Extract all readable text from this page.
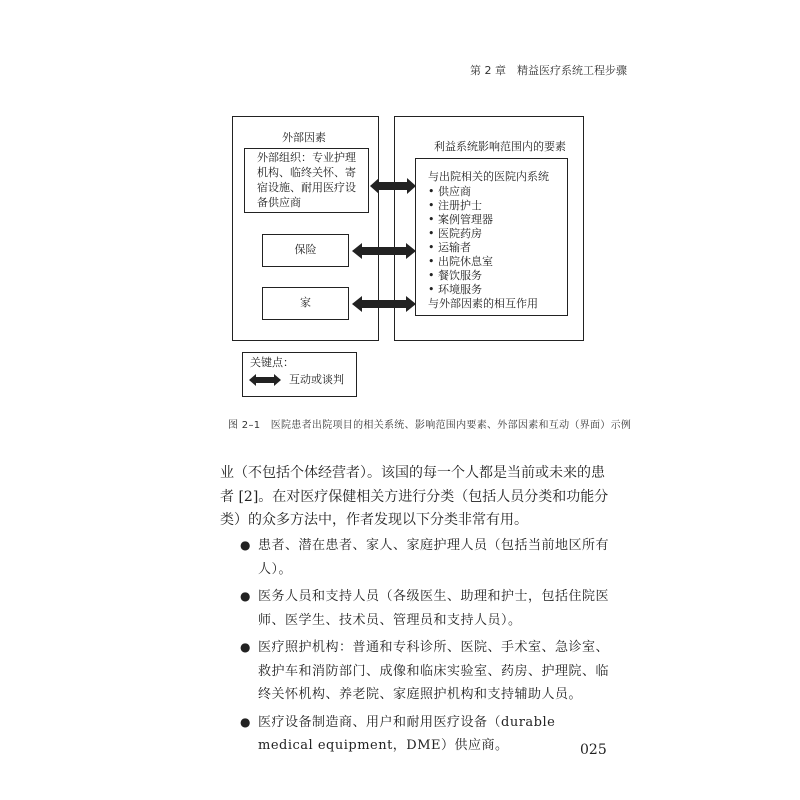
第 2 章　精益医疗系统工程步骤
外部因素
外部组织：专业护理
机构、临终关怀、寄
宿设施、耐用医疗设
备供应商
保险
家
利益系统影响范围内的要素
与出院相关的医院内系统
• 供应商
• 注册护士
• 案例管理器
• 医院药房
• 运输者
• 出院休息室
• 餐饮服务
• 环境服务
与外部因素的相互作用
关键点：
互动或谈判
图 2–1　医院患者出院项目的相关系统、影响范围内要素、外部因素和互动（界面）示例
业（不包括个体经营者）。该国的每一个人都是当前或未来的患者 [2]。在对医疗保健相关方进行分类（包括人员分类和功能分类）的众多方法中，作者发现以下分类非常有用。
● 患者、潜在患者、家人、家庭护理人员（包括当前地区所有人）。
● 医务人员和支持人员（各级医生、助理和护士，包括住院医师、医学生、技术员、管理员和支持人员）。
● 医疗照护机构：普通和专科诊所、医院、手术室、急诊室、救护车和消防部门、成像和临床实验室、药房、护理院、临终关怀机构、养老院、家庭照护机构和支持辅助人员。
● 医疗设备制造商、用户和耐用医疗设备（durable medical equipment，DME）供应商。	025
